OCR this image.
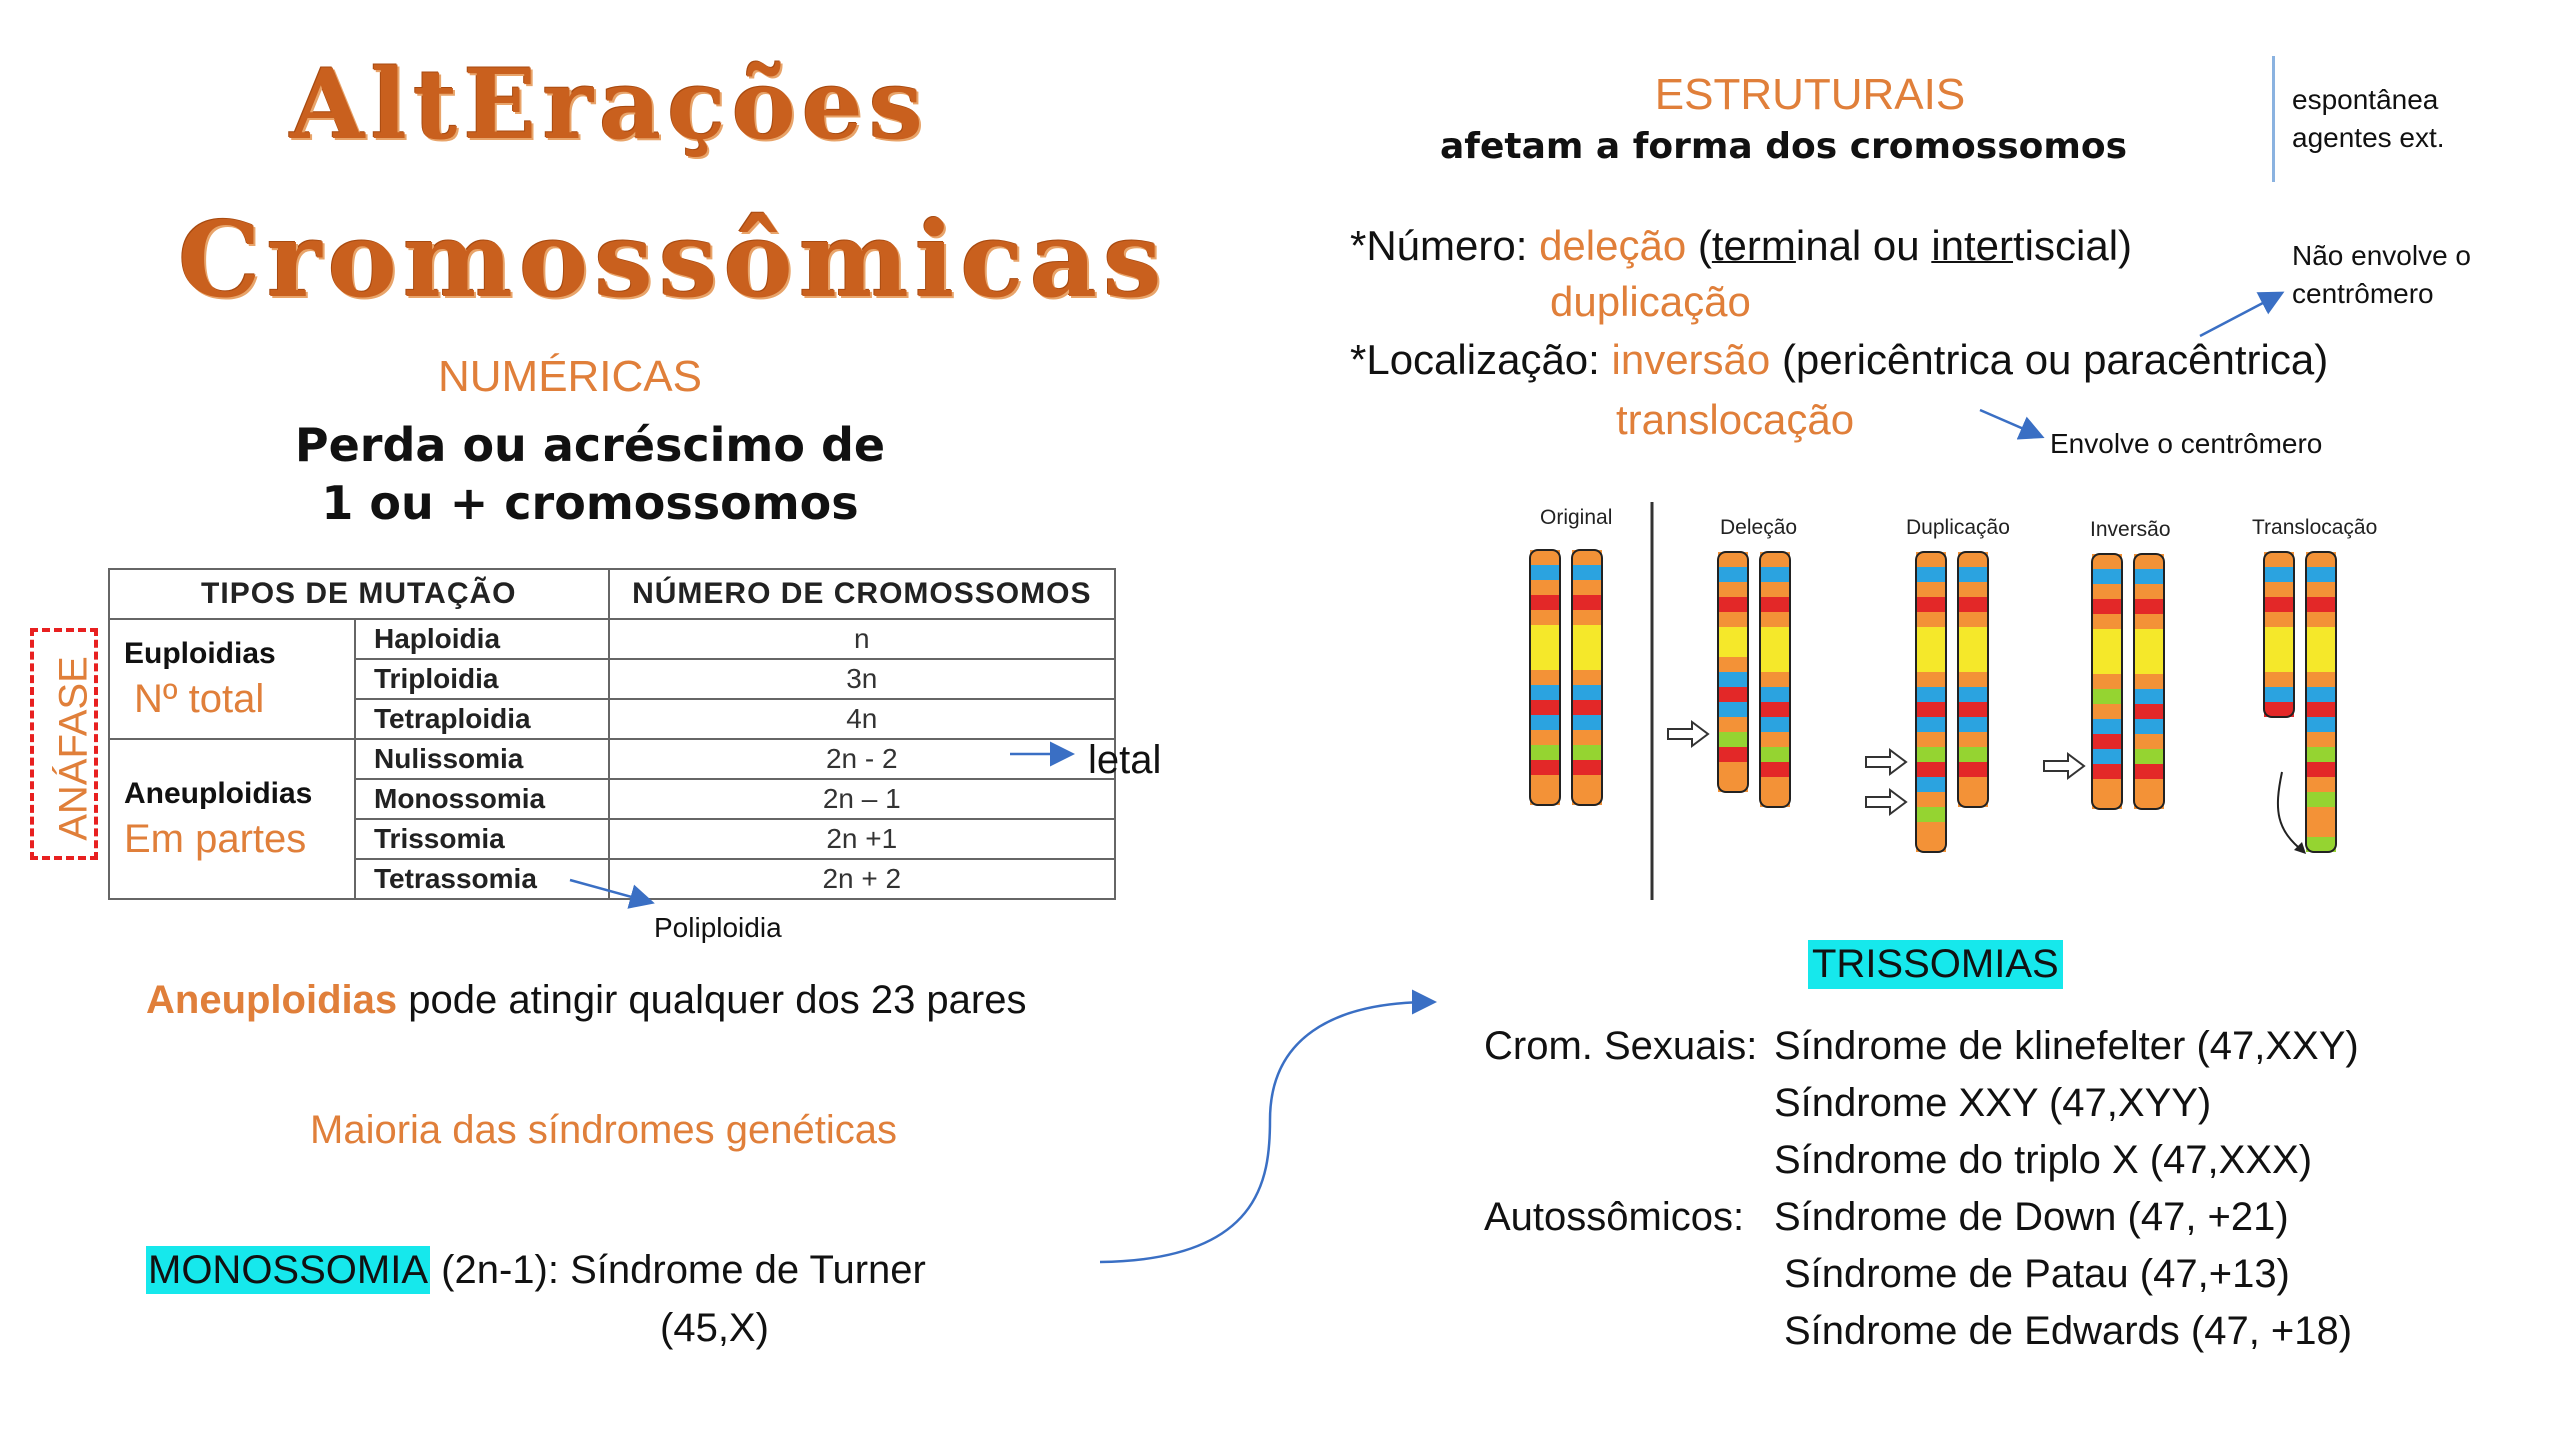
AltErações
Cromossômicas
NUMÉRICAS
Perda ou acréscimo de
1 ou + cromossomos
ANÁFASE
TIPOS DE MUTAÇÃO		NÚMERO DE CROMOSSOMOS
Euploidias
Nº total	Haploidia	n
	Triploidia	3n
	Tetraploidia	4n
Aneuploidias
Em partes	Nulissomia	2n - 2
	Monossomia	2n – 1
	Trissomia	2n +1
	Tetrassomia	2n + 2
letal
Poliploidia
Aneuploidias pode atingir qualquer dos 23 pares
Maioria das síndromes genéticas
MONOSSOMIA (2n-1): Síndrome de Turner
(45,X)
ESTRUTURAIS
afetam a forma dos cromossomos
espontânea
agentes ext.
*Número: deleção (terminal ou intertiscial)
duplicação
*Localização: inversão (pericêntrica ou paracêntrica)
translocação
Não envolve o
centrômero
Envolve o centrômero
Original	Deleção	Duplicação	Inversão	Translocação
TRISSOMIAS
Crom. Sexuais: Síndrome de klinefelter (47,XXY)
Síndrome XXY (47,XYY)
Síndrome do triplo X (47,XXX)
Autossômicos: Síndrome de Down (47, +21)
Síndrome de Patau (47,+13)
Síndrome de Edwards (47, +18)
